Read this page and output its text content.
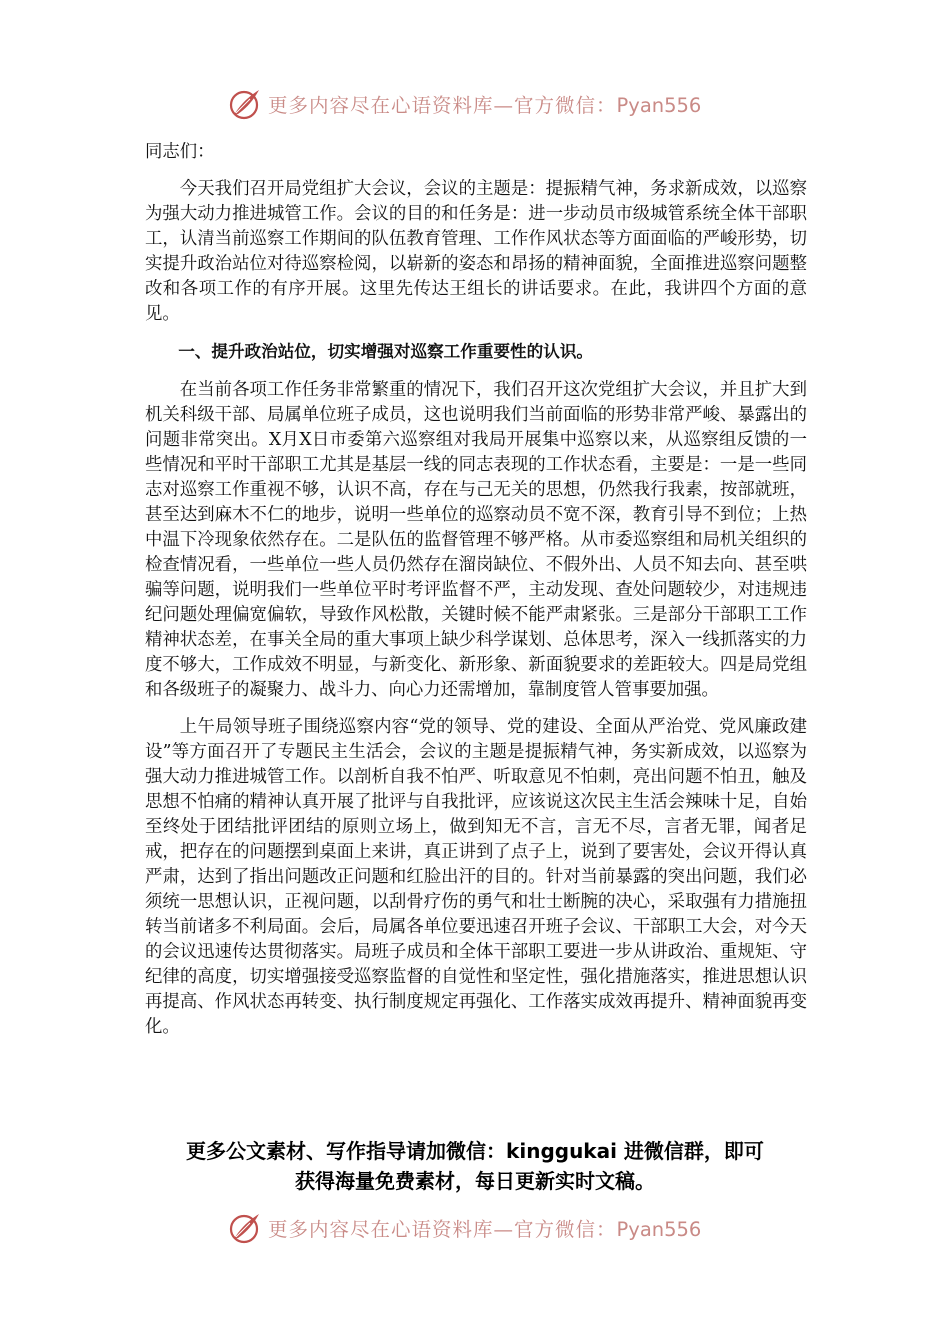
更多内容尽在心语资料库—官方微信：Pyan556

同志们：

今天我们召开局党组扩大会议，会议的主题是：提振精气神，务求新成效，以巡察为强大动力推进城管工作。会议的目的和任务是：进一步动员市级城管系统全体干部职工，认清当前巡察工作期间的队伍教育管理、工作作风状态等方面面临的严峻形势，切实提升政治站位对待巡察检阅，以崭新的姿态和昂扬的精神面貌，全面推进巡察问题整改和各项工作的有序开展。这里先传达王组长的讲话要求。在此，我讲四个方面的意见。

一、提升政治站位，切实增强对巡察工作重要性的认识。

在当前各项工作任务非常繁重的情况下，我们召开这次党组扩大会议，并且扩大到机关科级干部、局属单位班子成员，这也说明我们当前面临的形势非常严峻、暴露出的问题非常突出。X月X日市委第六巡察组对我局开展集中巡察以来，从巡察组反馈的一些情况和平时干部职工尤其是基层一线的同志表现的工作状态看，主要是：一是一些同志对巡察工作重视不够，认识不高，存在与己无关的思想，仍然我行我素，按部就班，甚至达到麻木不仁的地步，说明一些单位的巡察动员不宽不深，教育引导不到位；上热中温下冷现象依然存在。二是队伍的监督管理不够严格。从市委巡察组和局机关组织的检查情况看，一些单位一些人员仍然存在溜岗缺位、不假外出、人员不知去向、甚至哄骗等问题，说明我们一些单位平时考评监督不严，主动发现、查处问题较少，对违规违纪问题处理偏宽偏软，导致作风松散，关键时候不能严肃紧张。三是部分干部职工工作精神状态差，在事关全局的重大事项上缺少科学谋划、总体思考，深入一线抓落实的力度不够大，工作成效不明显，与新变化、新形象、新面貌要求的差距较大。四是局党组和各级班子的凝聚力、战斗力、向心力还需增加，靠制度管人管事要加强。

上午局领导班子围绕巡察内容“党的领导、党的建设、全面从严治党、党风廉政建设”等方面召开了专题民主生活会，会议的主题是提振精气神，务实新成效，以巡察为强大动力推进城管工作。以剖析自我不怕严、听取意见不怕刺，亮出问题不怕丑，触及思想不怕痛的精神认真开展了批评与自我批评，应该说这次民主生活会辣味十足，自始至终处于团结批评团结的原则立场上，做到知无不言，言无不尽，言者无罪，闻者足戒，把存在的问题摆到桌面上来讲，真正讲到了点子上，说到了要害处，会议开得认真严肃，达到了指出问题改正问题和红脸出汗的目的。针对当前暴露的突出问题，我们必须统一思想认识，正视问题，以刮骨疗伤的勇气和壮士断腕的决心，采取强有力措施扭转当前诸多不利局面。会后，局属各单位要迅速召开班子会议、干部职工大会，对今天的会议迅速传达贯彻落实。局班子成员和全体干部职工要进一步从讲政治、重规矩、守纪律的高度，切实增强接受巡察监督的自觉性和坚定性，强化措施落实，推进思想认识再提高、作风状态再转变、执行制度规定再强化、工作落实成效再提升、精神面貌再变化。

更多公文素材、写作指导请加微信：kinggukai 进微信群，即可

获得海量免费素材，每日更新实时文稿。

更多内容尽在心语资料库—官方微信：Pyan556
